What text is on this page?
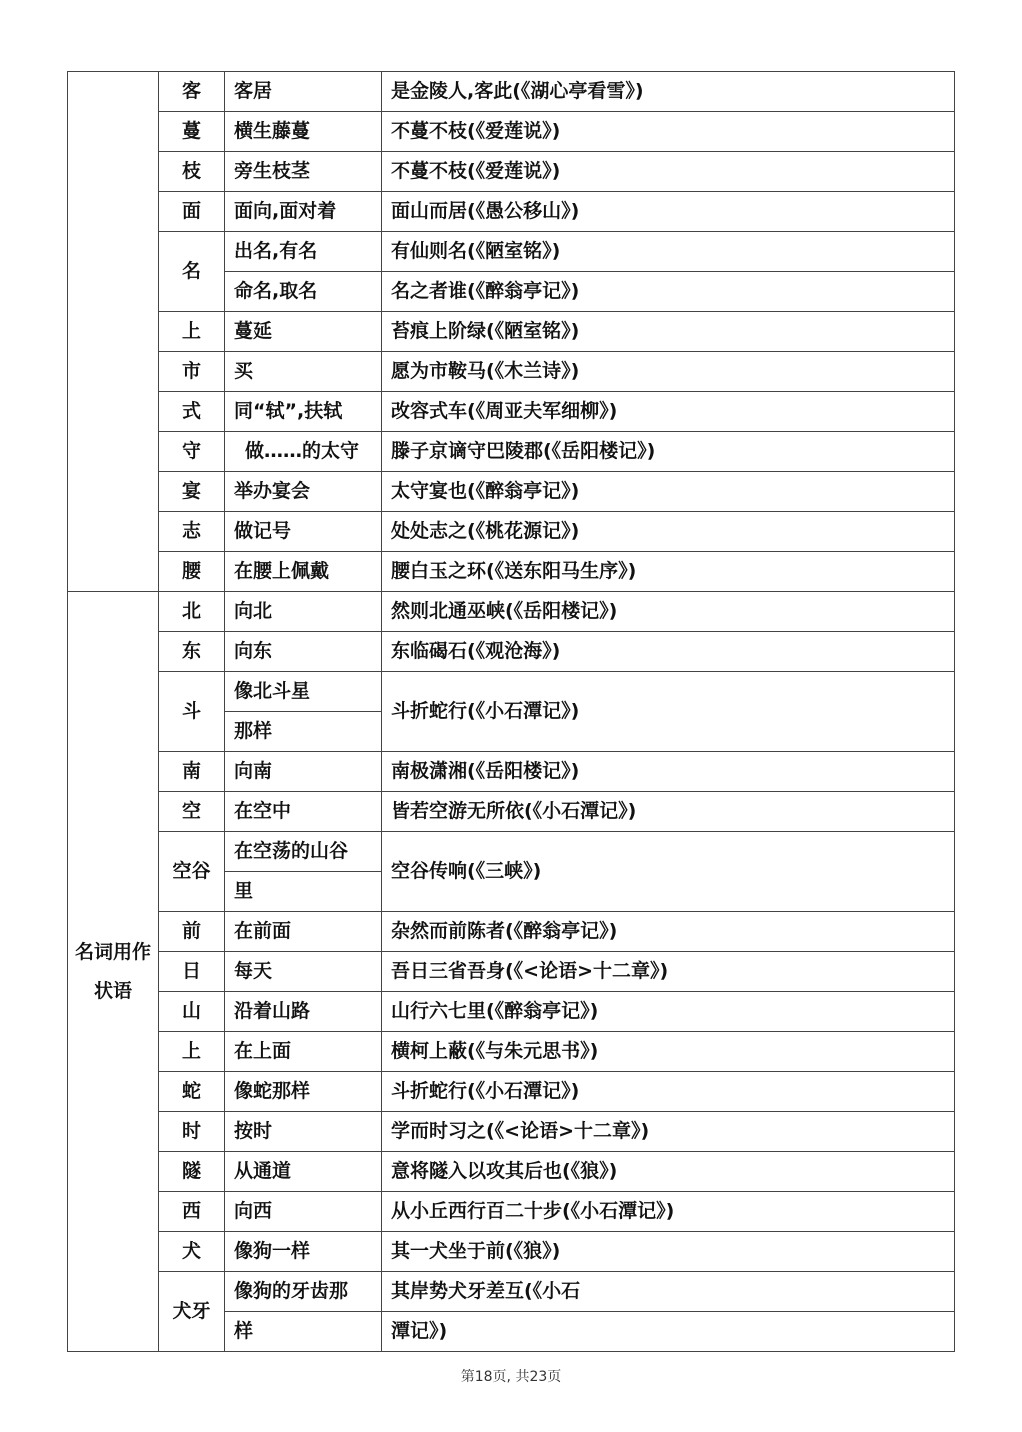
	客	客居	是金陵人,客此(《湖心亭看雪》)
	蔓	横生藤蔓	不蔓不枝(《爱莲说》)
	枝	旁生枝茎	不蔓不枝(《爱莲说》)
	面	面向,面对着	面山而居(《愚公移山》)
	名	出名,有名	有仙则名(《陋室铭》)
		命名,取名	名之者谁(《醉翁亭记》)
	上	蔓延	苔痕上阶绿(《陋室铭》)
	市	买	愿为市鞍马(《木兰诗》)
	式	同“轼”,扶轼	改容式车(《周亚夫军细柳》)
	守	做……的太守	滕子京谪守巴陵郡(《岳阳楼记》)
	宴	举办宴会	太守宴也(《醉翁亭记》)
	志	做记号	处处志之(《桃花源记》)
	腰	在腰上佩戴	腰白玉之环(《送东阳马生序》)

名词用作
状语	北	向北	然则北通巫峡(《岳阳楼记》)
	东	向东	东临碣石(《观沧海》)
	斗	像北斗星	斗折蛇行(《小石潭记》)
		那样	
	南	向南	南极潇湘(《岳阳楼记》)
	空	在空中	皆若空游无所依(《小石潭记》)
	空谷	在空荡的山谷	空谷传响(《三峡》)
		里	
	前	在前面	杂然而前陈者(《醉翁亭记》)
	日	每天	吾日三省吾身(《<论语>十二章》)
	山	沿着山路	山行六七里(《醉翁亭记》)
	上	在上面	横柯上蔽(《与朱元思书》)
	蛇	像蛇那样	斗折蛇行(《小石潭记》)
	时	按时	学而时习之(《<论语>十二章》)
	隧	从通道	意将隧入以攻其后也(《狼》)
	西	向西	从小丘西行百二十步(《小石潭记》)
	犬	像狗一样	其一犬坐于前(《狼》)
	犬牙	像狗的牙齿那	其岸势犬牙差互(《小石
		样	潭记》)
第18页, 共23页
